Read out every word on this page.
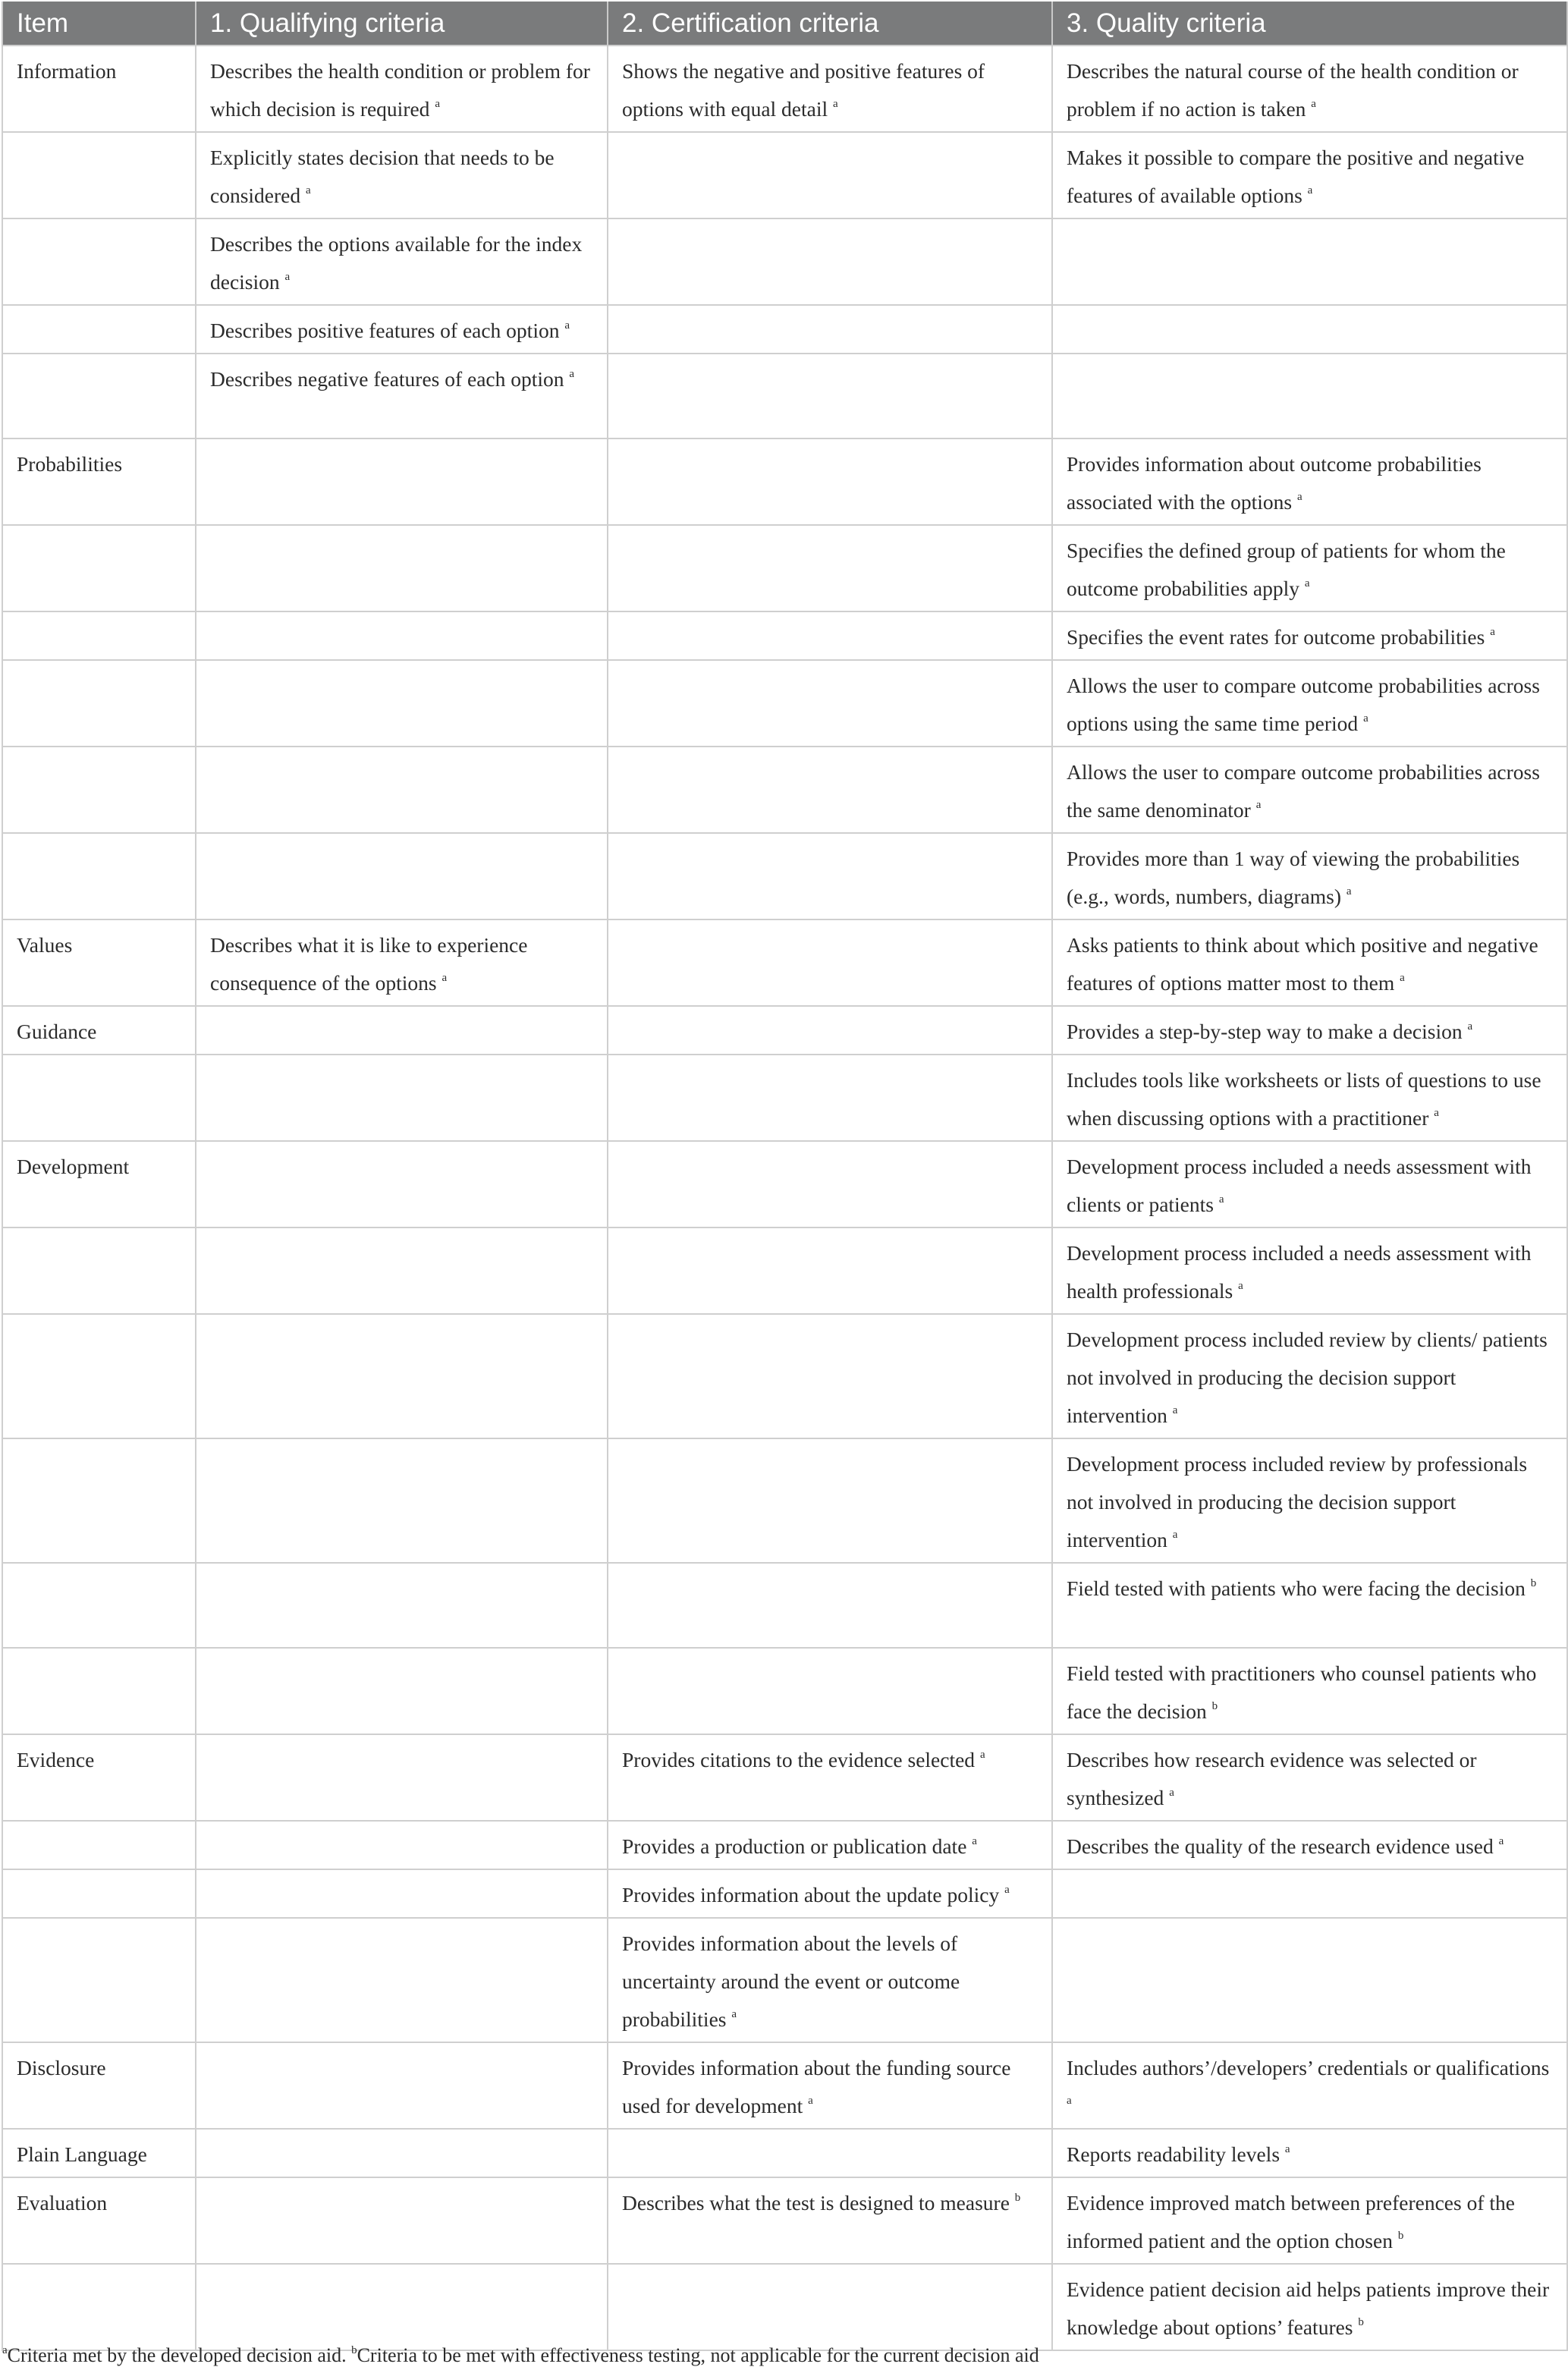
Item	1. Qualifying criteria	2. Certification criteria	3. Quality criteria
Information	Describes the health condition or problem for which decision is required $^a$	Shows the negative and positive features of options with equal detail $^a$	Describes the natural course of the health condition or problem if no action is taken $^a$
	Explicitly states decision that needs to be considered $^a$		Makes it possible to compare the positive and negative features of available options $^a$
	Describes the options available for the index decision $^a$		
	Describes positive features of each option $^a$		
	Describes negative features of each option $^a$		
Probabilities			Provides information about outcome probabilities associated with the options $^a$
			Specifies the defined group of patients for whom the outcome probabilities apply $^a$
			Specifies the event rates for outcome probabilities $^a$
			Allows the user to compare outcome probabilities across options using the same time period $^a$
			Allows the user to compare outcome probabilities across the same denominator $^a$
			Provides more than 1 way of viewing the probabilities (e.g., words, numbers, diagrams) $^a$
Values	Describes what it is like to experience consequence of the options $^a$		Asks patients to think about which positive and negative features of options matter most to them $^a$
Guidance			Provides a step-by-step way to make a decision $^a$
			Includes tools like worksheets or lists of questions to use when discussing options with a practitioner $^a$
Development			Development process included a needs assessment with clients or patients $^a$
			Development process included a needs assessment with health professionals $^a$
			Development process included review by clients/ patients not involved in producing the decision support intervention $^a$
			Development process included review by professionals not involved in producing the decision support intervention $^a$
			Field tested with patients who were facing the decision $^b$
			Field tested with practitioners who counsel patients who face the decision $^b$
Evidence		Provides citations to the evidence selected $^a$	Describes how research evidence was selected or synthesized $^a$
		Provides a production or publication date $^a$	Describes the quality of the research evidence used $^a$
		Provides information about the update policy $^a$	
		Provides information about the levels of uncertainty around the event or outcome probabilities $^a$	
Disclosure		Provides information about the funding source used for development $^a$	Includes authors’/developers’ credentials or qualifications $^a$
Plain Language			Reports readability levels $^a$
Evaluation		Describes what the test is designed to measure $^b$	Evidence improved match between preferences of the informed patient and the option chosen $^b$
			Evidence patient decision aid helps patients improve their knowledge about options’ features $^b$
$^a$Criteria met by the developed decision aid. $^b$Criteria to be met with effectiveness testing, not applicable for the current decision aid
